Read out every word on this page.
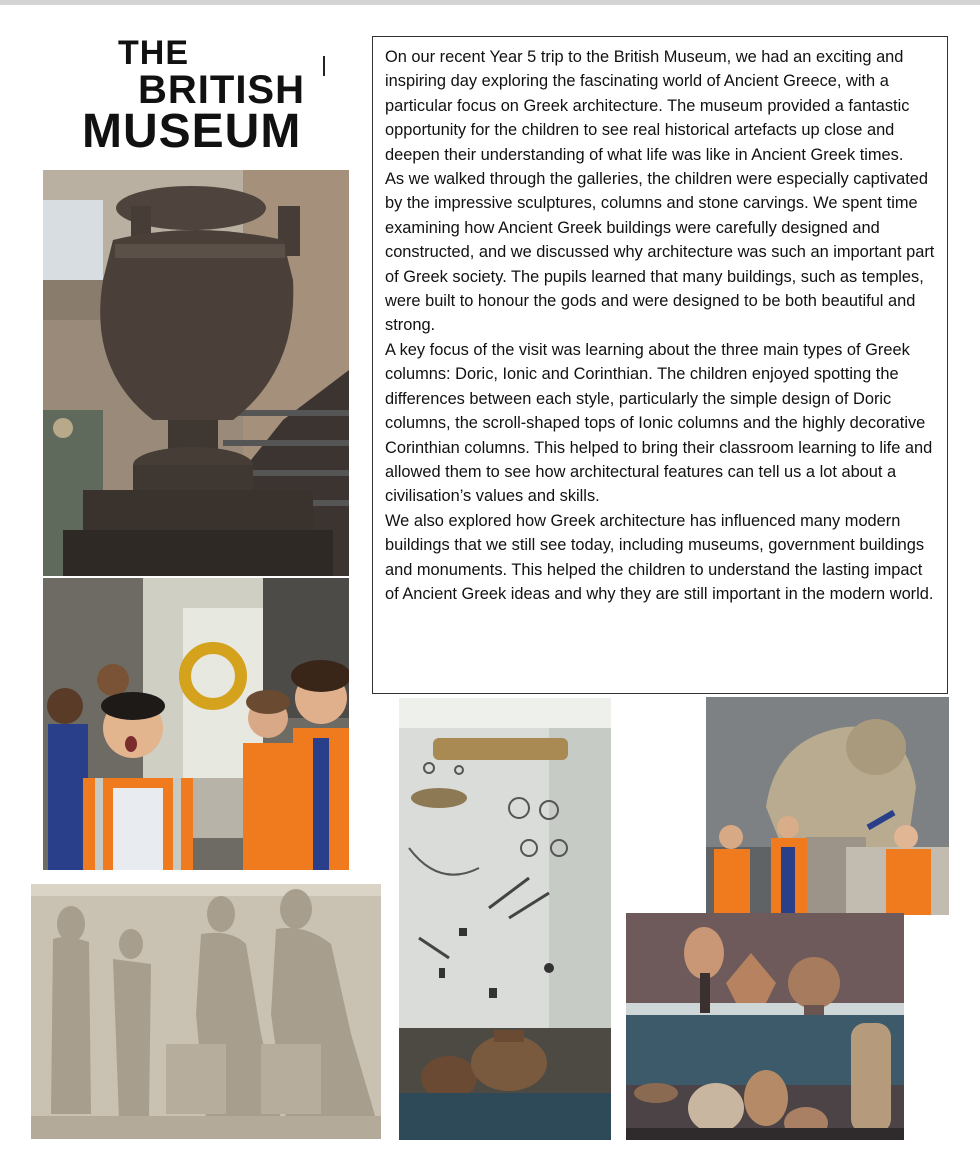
THE
BRITISH
MUSEUM

On our recent Year 5 trip to the British Museum, we had an exciting and inspiring day exploring the fascinating world of Ancient Greece, with a particular focus on Greek architecture. The museum provided a fantastic opportunity for the children to see real historical artefacts up close and deepen their understanding of what life was like in Ancient Greek times.

As we walked through the galleries, the children were especially captivated by the impressive sculptures, columns and stone carvings. We spent time examining how Ancient Greek buildings were carefully designed and constructed, and we discussed why architecture was such an important part of Greek society. The pupils learned that many buildings, such as temples, were built to honour the gods and were designed to be both beautiful and strong.

A key focus of the visit was learning about the three main types of Greek columns: Doric, Ionic and Corinthian. The children enjoyed spotting the differences between each style, particularly the simple design of Doric columns, the scroll-shaped tops of Ionic columns and the highly decorative Corinthian columns. This helped to bring their classroom learning to life and allowed them to see how architectural features can tell us a lot about a civilisation’s values and skills.

We also explored how Greek architecture has influenced many modern buildings that we still see today, including museums, government buildings and monuments. This helped the children to understand the lasting impact of Ancient Greek ideas and why they are still important in the modern world.
